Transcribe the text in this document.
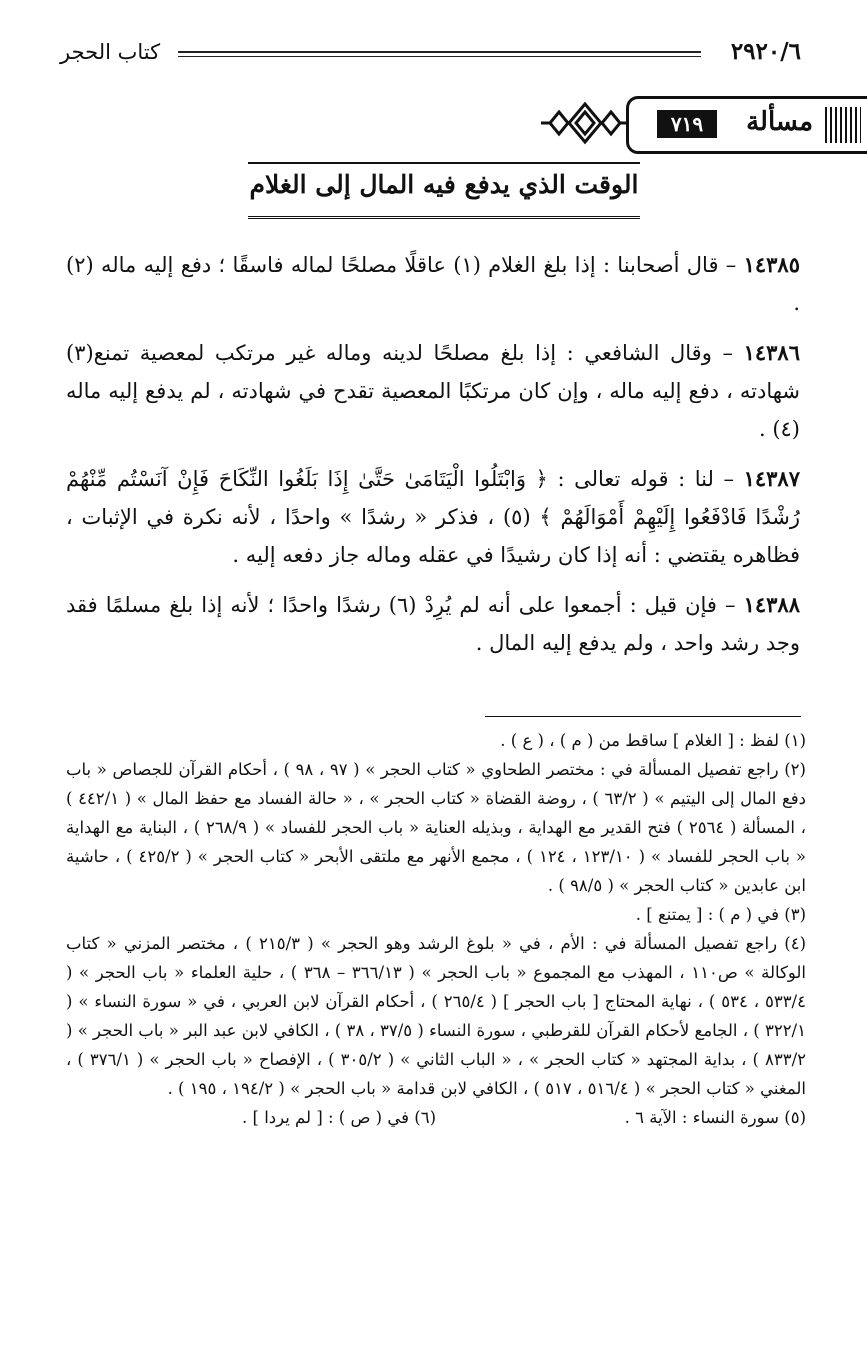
كتاب الحجر	٢٩٢٠/٦
مسألة
٧١٩
الوقت الذي يدفع فيه المال إلى الغلام

١٤٣٨٥ – قال أصحابنا : إذا بلغ الغلام (١) عاقلًا مصلحًا لماله فاسقًا ؛ دفع إليه ماله (٢) .

١٤٣٨٦ – وقال الشافعي : إذا بلغ مصلحًا لدينه وماله غير مرتكب لمعصية تمنع(٣) شهادته ، دفع إليه ماله ، وإن كان مرتكبًا المعصية تقدح في شهادته ، لم يدفع إليه ماله (٤) .

١٤٣٨٧ – لنا : قوله تعالى : ﴿ وَابْتَلُوا الْيَتَامَىٰ حَتَّىٰ إِذَا بَلَغُوا النِّكَاحَ فَإِنْ آنَسْتُم مِّنْهُمْ رُشْدًا فَادْفَعُوا إِلَيْهِمْ أَمْوَالَهُمْ ﴾ (٥) ، فذكر « رشدًا » واحدًا ، لأنه نكرة في الإثبات ، فظاهره يقتضي : أنه إذا كان رشيدًا في عقله وماله جاز دفعه إليه .

١٤٣٨٨ – فإن قيل : أجمعوا على أنه لم يُرِدْ (٦) رشدًا واحدًا ؛ لأنه إذا بلغ مسلمًا فقد وجد رشد واحد ، ولم يدفع إليه المال .

(١) لفظ : [ الغلام ] ساقط من ( م ) ، ( ع ) .

(٢) راجع تفصيل المسألة في : مختصر الطحاوي « كتاب الحجر » ( ٩٧ ، ٩٨ ) ، أحكام القرآن للجصاص « باب دفع المال إلى اليتيم » ( ٦٣/٢ ) ، روضة القضاة « كتاب الحجر » ، « حالة الفساد مع حفظ المال » ( ٤٤٢/١ ) ، المسألة ( ٢٥٦٤ ) فتح القدير مع الهداية ، وبذيله العناية « باب الحجر للفساد » ( ٢٦٨/٩ ) ، البناية مع الهداية « باب الحجر للفساد » ( ١٢٣/١٠ ، ١٢٤ ) ، مجمع الأنهر مع ملتقى الأبحر « كتاب الحجر » ( ٤٢٥/٢ ) ، حاشية ابن عابدين « كتاب الحجر » ( ٩٨/٥ ) .

(٣) في ( م ) : [ يمتنع ] .

(٤) راجع تفصيل المسألة في : الأم ، في « بلوغ الرشد وهو الحجر » ( ٢١٥/٣ ) ، مختصر المزني « كتاب الوكالة » ص١١٠ ، المهذب مع المجموع « باب الحجر » ( ٣٦٦/١٣ – ٣٦٨ ) ، حلية العلماء « باب الحجر » ( ٥٣٣/٤ ، ٥٣٤ ) ، نهاية المحتاج [ باب الحجر ] ( ٢٦٥/٤ ) ، أحكام القرآن لابن العربي ، في « سورة النساء » ( ٣٢٢/١ ) ، الجامع لأحكام القرآن للقرطبي ، سورة النساء ( ٣٧/٥ ، ٣٨ ) ، الكافي لابن عبد البر « باب الحجر » ( ٨٣٣/٢ ) ، بداية المجتهد « كتاب الحجر » ، « الباب الثاني » ( ٣٠٥/٢ ) ، الإفصاح « باب الحجر » ( ٣٧٦/١ ) ، المغني « كتاب الحجر » ( ٥١٦/٤ ، ٥١٧ ) ، الكافي لابن قدامة « باب الحجر » ( ١٩٤/٢ ، ١٩٥ ) .

(٥) سورة النساء : الآية ٦ .
(٦) في ( ص ) : [ لم يردا ] .
